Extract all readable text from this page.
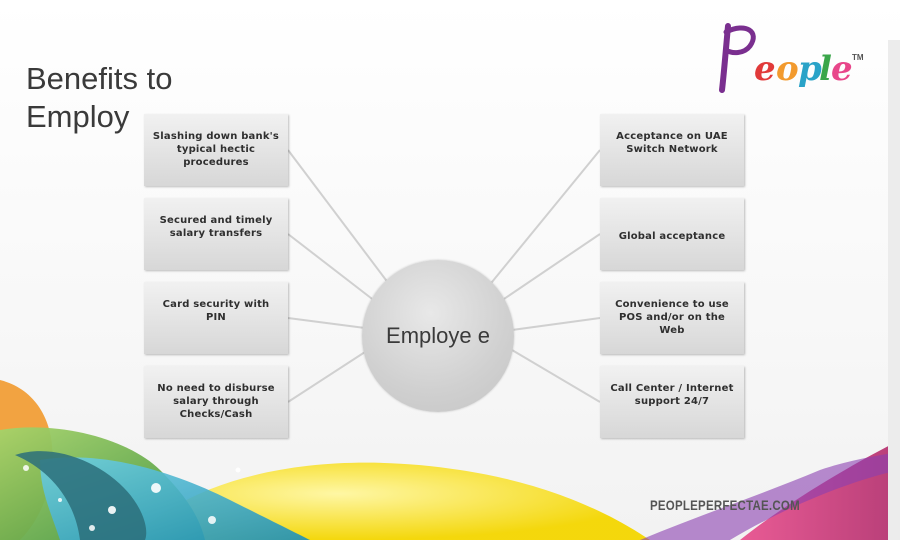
Benefits to
Employ
Slashing down bank's typical hectic procedures
Secured and timely salary transfers
Card security with PIN
No need to disburse salary through Checks/Cash
Acceptance on UAE Switch Network
Global acceptance
Convenience to use POS and/or on the Web
Call Center / Internet support 24/7
Employe e
e o p
l e TM
PEOPLEPERFECTAE.COM
